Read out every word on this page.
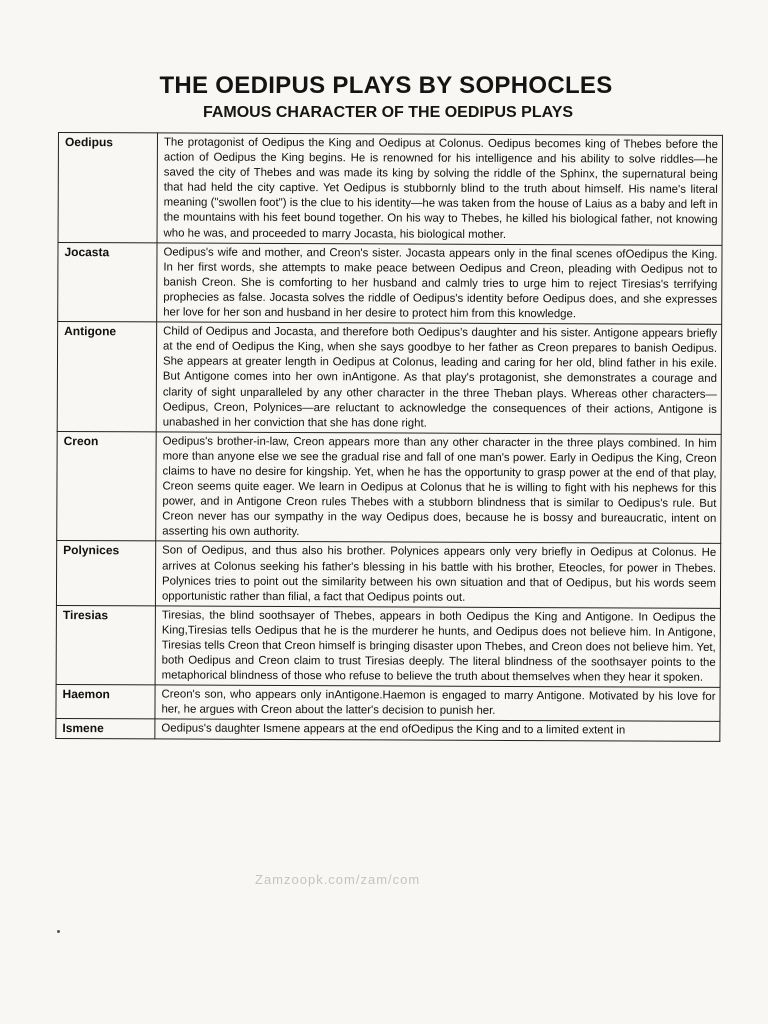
THE OEDIPUS PLAYS BY SOPHOCLES
FAMOUS CHARACTER OF THE OEDIPUS PLAYS
Oedipus	The protagonist of Oedipus the King and Oedipus at Colonus. Oedipus becomes king of Thebes before the action of Oedipus the King begins. He is renowned for his intelligence and his ability to solve riddles—he saved the city of Thebes and was made its king by solving the riddle of the Sphinx, the supernatural being that had held the city captive. Yet Oedipus is stubbornly blind to the truth about himself. His name's literal meaning ("swollen foot") is the clue to his identity—he was taken from the house of Laius as a baby and left in the mountains with his feet bound together. On his way to Thebes, he killed his biological father, not knowing who he was, and proceeded to marry Jocasta, his biological mother.
Jocasta	Oedipus's wife and mother, and Creon's sister. Jocasta appears only in the final scenes ofOedipus the King. In her first words, she attempts to make peace between Oedipus and Creon, pleading with Oedipus not to banish Creon. She is comforting to her husband and calmly tries to urge him to reject Tiresias's terrifying prophecies as false. Jocasta solves the riddle of Oedipus's identity before Oedipus does, and she expresses her love for her son and husband in her desire to protect him from this knowledge.
Antigone	Child of Oedipus and Jocasta, and therefore both Oedipus's daughter and his sister. Antigone appears briefly at the end of Oedipus the King, when she says goodbye to her father as Creon prepares to banish Oedipus. She appears at greater length in Oedipus at Colonus, leading and caring for her old, blind father in his exile. But Antigone comes into her own inAntigone. As that play's protagonist, she demonstrates a courage and clarity of sight unparalleled by any other character in the three Theban plays. Whereas other characters—Oedipus, Creon, Polynices—are reluctant to acknowledge the consequences of their actions, Antigone is unabashed in her conviction that she has done right.
Creon	Oedipus's brother-in-law, Creon appears more than any other character in the three plays combined. In him more than anyone else we see the gradual rise and fall of one man's power. Early in Oedipus the King, Creon claims to have no desire for kingship. Yet, when he has the opportunity to grasp power at the end of that play, Creon seems quite eager. We learn in Oedipus at Colonus that he is willing to fight with his nephews for this power, and in Antigone Creon rules Thebes with a stubborn blindness that is similar to Oedipus's rule. But Creon never has our sympathy in the way Oedipus does, because he is bossy and bureaucratic, intent on asserting his own authority.
Polynices	Son of Oedipus, and thus also his brother. Polynices appears only very briefly in Oedipus at Colonus. He arrives at Colonus seeking his father's blessing in his battle with his brother, Eteocles, for power in Thebes. Polynices tries to point out the similarity between his own situation and that of Oedipus, but his words seem opportunistic rather than filial, a fact that Oedipus points out.
Tiresias	Tiresias, the blind soothsayer of Thebes, appears in both Oedipus the King and Antigone. In Oedipus the King,Tiresias tells Oedipus that he is the murderer he hunts, and Oedipus does not believe him. In Antigone, Tiresias tells Creon that Creon himself is bringing disaster upon Thebes, and Creon does not believe him. Yet, both Oedipus and Creon claim to trust Tiresias deeply. The literal blindness of the soothsayer points to the metaphorical blindness of those who refuse to believe the truth about themselves when they hear it spoken.
Haemon	Creon's son, who appears only inAntigone.Haemon is engaged to marry Antigone. Motivated by his love for her, he argues with Creon about the latter's decision to punish her.
Ismene	Oedipus's daughter Ismene appears at the end ofOedipus the King and to a limited extent in
Zamzoopk.com/zam/com
